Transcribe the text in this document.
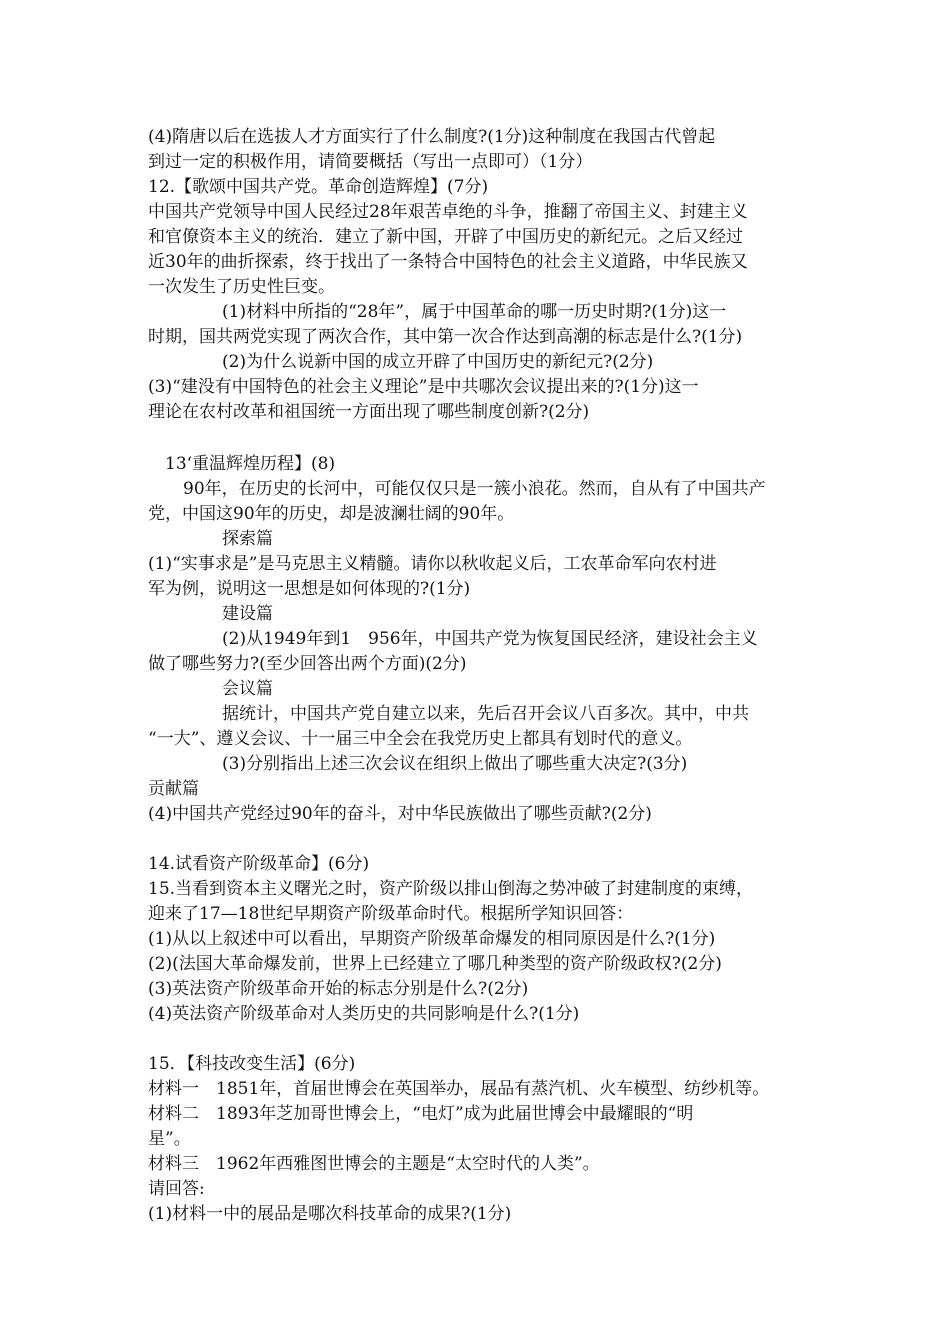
(4)隋唐以后在选拔人才方面实行了什么制度?(1分)这种制度在我国古代曾起
到过一定的积极作用，请简要概括（写出一点即可）（1分）
12.【歌颂中国共产党。革命创造辉煌】(7分)
中国共产党领导中国人民经过28年艰苦卓绝的斗争，推翻了帝国主义、封建主义
和官僚资本主义的统治．建立了新中国，开辟了中国历史的新纪元。之后又经过
近30年的曲折探索，终于找出了一条特合中国特色的社会主义道路，中华民族又
一次发生了历史性巨变。
(1)材料中所指的“28年”，属于中国革命的哪一历史时期?(1分)这一
时期，国共两党实现了两次合作，其中第一次合作达到高潮的标志是什么?(1分)
(2)为什么说新中国的成立开辟了中国历史的新纪元?(2分)
(3)“建没有中国特色的社会主义理论”是中共哪次会议提出来的?(1分)这一
理论在农村改革和祖国统一方面出现了哪些制度创新?(2分)
13‘重温辉煌历程】(8)
90年，在历史的长河中，可能仅仅只是一簇小浪花。然而，自从有了中国共产
党，中国这90年的历史，却是波澜壮阔的90年。
探索篇
(1)“实事求是”是马克思主义精髓。请你以秋收起义后，工农革命军向农村进
军为例，说明这一思想是如何体现的?(1分)
建设篇
(2)从1949年到1　956年，中国共产党为恢复国民经济，建设社会主义
做了哪些努力?(至少回答出两个方面)(2分)
会议篇
据统计，中国共产党自建立以来，先后召开会议八百多次。其中，中共
“一大”、遵义会议、十一届三中全会在我党历史上都具有划时代的意义。
(3)分别指出上述三次会议在组织上做出了哪些重大决定?(3分)
贡献篇
(4)中国共产党经过90年的奋斗，对中华民族做出了哪些贡献?(2分)
14.试看资产阶级革命】(6分)
15.当看到资本主义曙光之时，资产阶级以排山倒海之势冲破了封建制度的束缚，
迎来了17—18世纪早期资产阶级革命时代。根据所学知识回答：
(1)从以上叙述中可以看出，早期资产阶级革命爆发的相同原因是什么?(1分)
(2)(法国大革命爆发前，世界上已经建立了哪几种类型的资产阶级政权?(2分)
(3)英法资产阶级革命开始的标志分别是什么?(2分)
(4)英法资产阶级革命对人类历史的共同影响是什么?(1分)
15．【科技改变生活】(6分)
材料一　1851年，首届世博会在英国举办，展品有蒸汽机、火车模型、纺纱机等。
材料二　1893年芝加哥世博会上，“电灯”成为此届世博会中最耀眼的“明
星”。
材料三　1962年西雅图世博会的主题是“太空时代的人类”。
请回答:
(1)材料一中的展品是哪次科技革命的成果?(1分)
